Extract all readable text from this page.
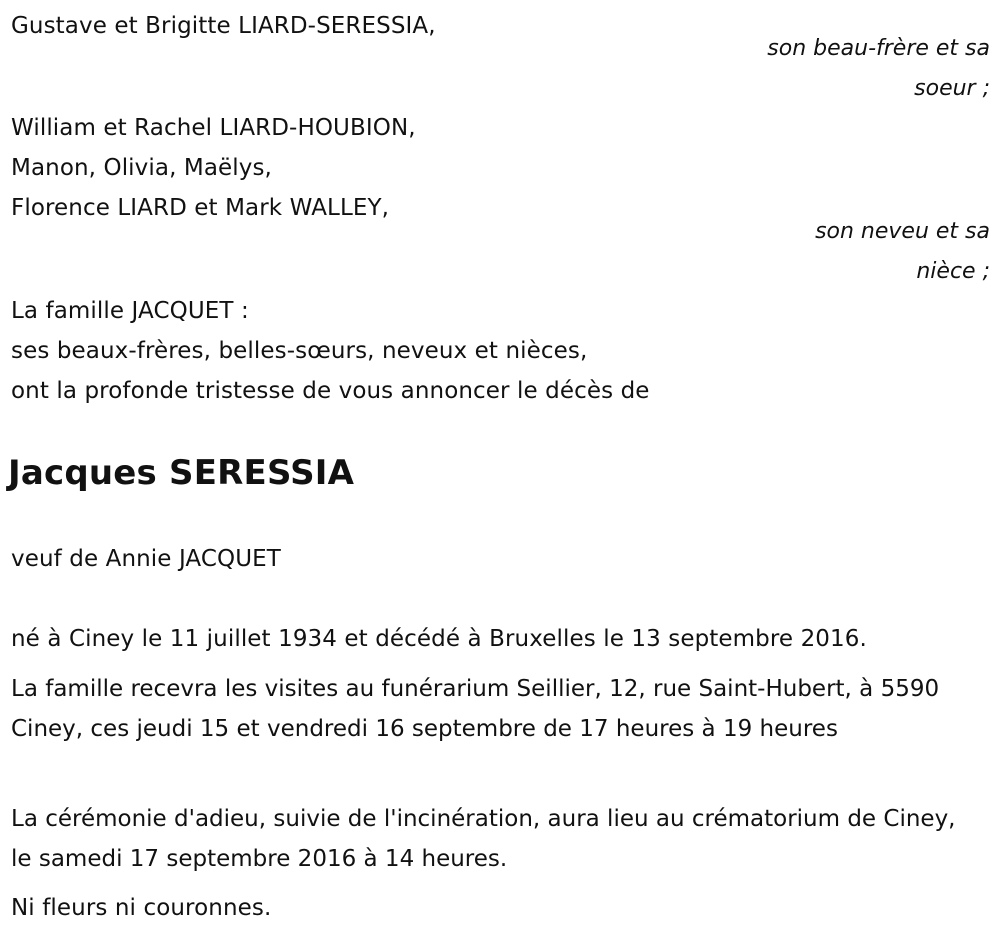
Gustave et Brigitte LIARD-SERESSIA,
son beau-frère et sa
soeur ;
William et Rachel LIARD-HOUBION,
Manon, Olivia, Maëlys,
Florence LIARD et Mark WALLEY,
son neveu et sa
nièce ;
La famille JACQUET :
ses beaux-frères, belles-sœurs, neveux et nièces,
ont la profonde tristesse de vous annoncer le décès de
Jacques SERESSIA
veuf de Annie JACQUET
né à Ciney le 11 juillet 1934 et décédé à Bruxelles le 13 septembre 2016.
La famille recevra les visites au funérarium Seillier, 12, rue Saint-Hubert, à 5590 Ciney, ces jeudi 15 et vendredi 16 septembre de 17 heures à 19 heures
La cérémonie d'adieu, suivie de l'incinération, aura lieu au crématorium de Ciney, le samedi 17 septembre 2016 à 14 heures.
Ni fleurs ni couronnes.
